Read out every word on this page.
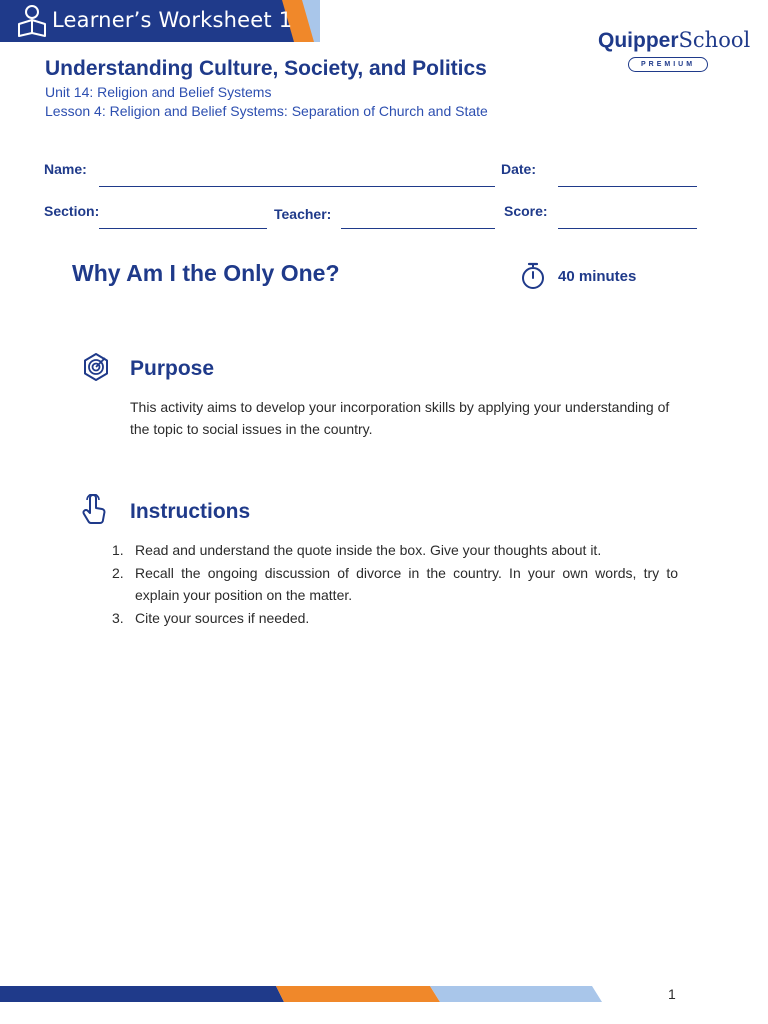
Learner’s Worksheet 1
QuipperSchool
PREMIUM
Understanding Culture, Society, and Politics
Unit 14: Religion and Belief Systems
Lesson 4: Religion and Belief Systems: Separation of Church and State
Name:	Date:
Section:	Teacher:	Score:
Why Am I the Only One?	40 minutes
Purpose
This activity aims to develop your incorporation skills by applying your understanding of the topic to social issues in the country.
Instructions
1. Read and understand the quote inside the box. Give your thoughts about it.
2. Recall the ongoing discussion of divorce in the country. In your own words, try to explain your position on the matter.
3. Cite your sources if needed.
1
